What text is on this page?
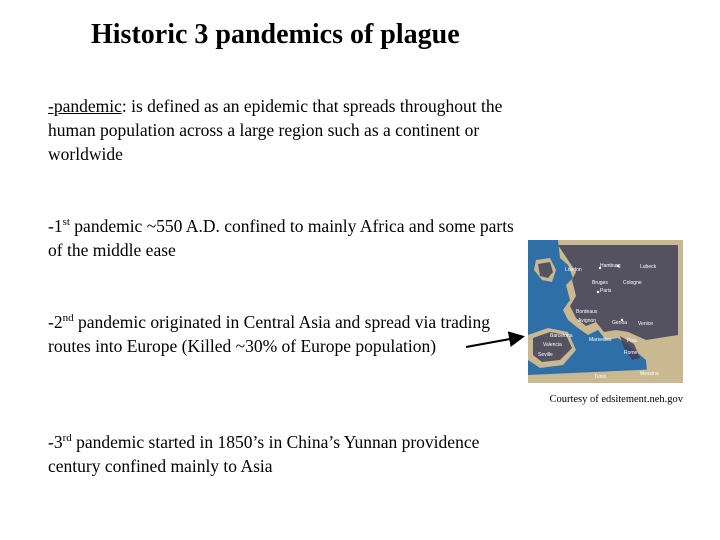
Historic 3 pandemics of plague
-pandemic: is defined as an epidemic that spreads throughout the human population across a large region such as a continent or worldwide
-1st pandemic ~550 A.D. confined to mainly Africa and some parts of the middle ease
-2nd pandemic originated in Central Asia and spread via trading routes into Europe (Killed ~30% of Europe population)
-3rd pandemic started in 1850’s in China’s Yunnan providence century confined mainly to Asia
London
Hamburg	Lubeck
Bruges	Cologne
Paris
Bordeaux
Avignon	Genoa Venice
Barcelona
Marseilles	Pisa
Valencia
Seville	Rome
Tunis	Messina
Courtesy of edsitement.neh.gov
